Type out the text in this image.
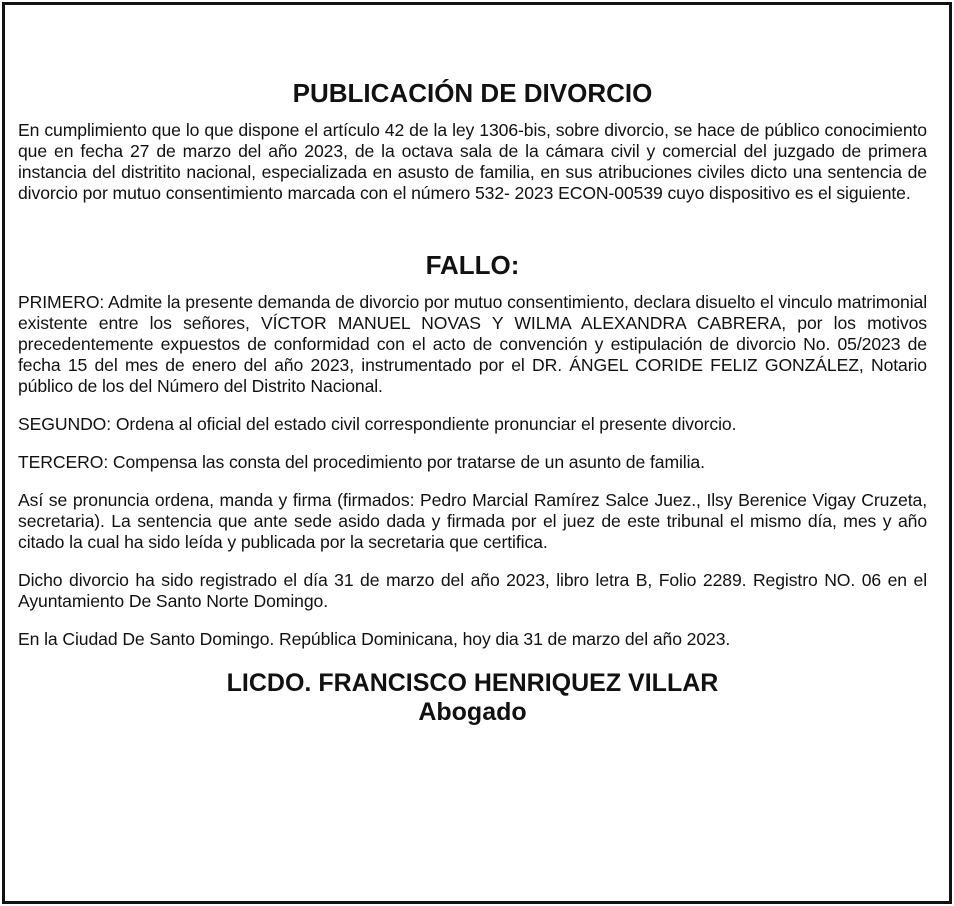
PUBLICACIÓN DE DIVORCIO

En cumplimiento que lo que dispone el artículo 42 de la ley 1306-bis, sobre divorcio, se hace de público conocimiento que en fecha 27 de marzo del año 2023, de la octava sala de la cámara civil y comercial del juzgado de primera instancia del distritito nacional, especializada en asusto de familia, en sus atribuciones civiles dicto una sentencia de divorcio por mutuo consentimiento marcada con el número 532- 2023 ECON-00539 cuyo dispositivo es el siguiente.

FALLO:

PRIMERO: Admite la presente demanda de divorcio por mutuo consentimiento, declara disuelto el vinculo matrimonial existente entre los señores, VÍCTOR MANUEL NOVAS Y WILMA ALEXANDRA CABRERA, por los motivos precedentemente expuestos de conformidad con el acto de convención y estipulación de divorcio No. 05/2023 de fecha 15 del mes de enero del año 2023, instrumentado por el DR. ÁNGEL CORIDE FELIZ GONZÁLEZ, Notario público de los del Número del Distrito Nacional.

SEGUNDO: Ordena al oficial del estado civil correspondiente pronunciar el presente divorcio.

TERCERO: Compensa las consta del procedimiento por tratarse de un asunto de familia.

Así se pronuncia ordena, manda y firma (firmados: Pedro Marcial Ramírez Salce Juez., Ilsy Berenice Vigay Cruzeta, secretaria). La sentencia que ante sede asido dada y firmada por el juez de este tribunal el mismo día, mes y año citado la cual ha sido leída y publicada por la secretaria que certifica.

Dicho divorcio ha sido registrado el día 31 de marzo del año 2023, libro letra B, Folio 2289. Registro NO. 06 en el Ayuntamiento De Santo Norte Domingo.

En la Ciudad De Santo Domingo. República Dominicana, hoy dia 31 de marzo del año 2023.

LICDO. FRANCISCO HENRIQUEZ VILLAR
Abogado
